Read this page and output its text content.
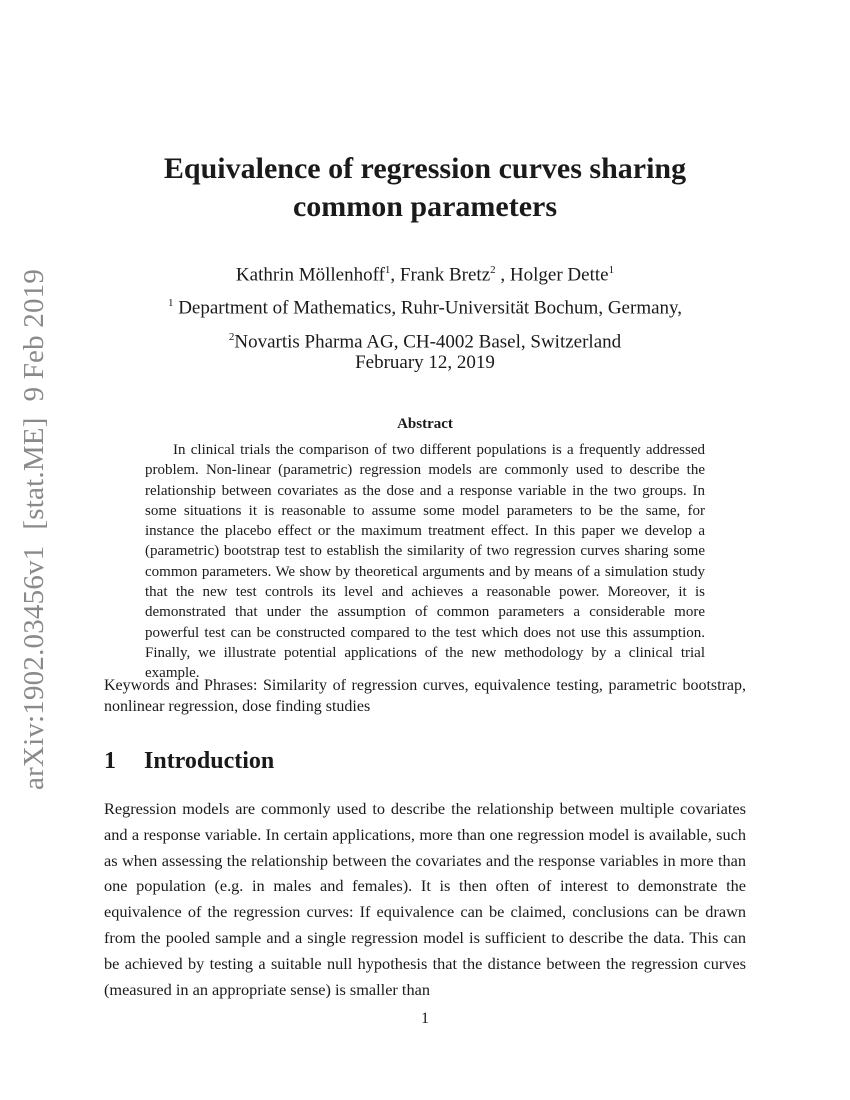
arXiv:1902.03456v1[stat.ME]9 Feb 2019
Equivalence of regression curves sharing
common parameters
Kathrin Möllenhoff$^1$, Frank Bretz$^2$ , Holger Dette$^1$
$^1$ Department of Mathematics, Ruhr-Universität Bochum, Germany,
$^2$Novartis Pharma AG, CH-4002 Basel, Switzerland
February 12, 2019
Abstract
In clinical trials the comparison of two different populations is a frequently addressed problem. Non-linear (parametric) regression models are commonly used to describe the relationship between covariates as the dose and a response variable in the two groups. In some situations it is reasonable to assume some model parameters to be the same, for instance the placebo effect or the maximum treatment effect. In this paper we develop a (parametric) bootstrap test to establish the similarity of two regression curves sharing some common parameters. We show by theoretical arguments and by means of a simulation study that the new test controls its level and achieves a reasonable power. Moreover, it is demonstrated that under the assumption of common parameters a considerable more powerful test can be constructed compared to the test which does not use this assumption. Finally, we illustrate potential applications of the new methodology by a clinical trial example.
Keywords and Phrases: Similarity of regression curves, equivalence testing, parametric bootstrap, nonlinear regression, dose finding studies
1 Introduction
Regression models are commonly used to describe the relationship between multiple covariates and a response variable. In certain applications, more than one regression model is available, such as when assessing the relationship between the covariates and the response variables in more than one population (e.g. in males and females). It is then often of interest to demonstrate the equivalence of the regression curves: If equivalence can be claimed, conclusions can be drawn from the pooled sample and a single regression model is sufficient to describe the data. This can be achieved by testing a suitable null hypothesis that the distance between the regression curves (measured in an appropriate sense) is smaller than
1
